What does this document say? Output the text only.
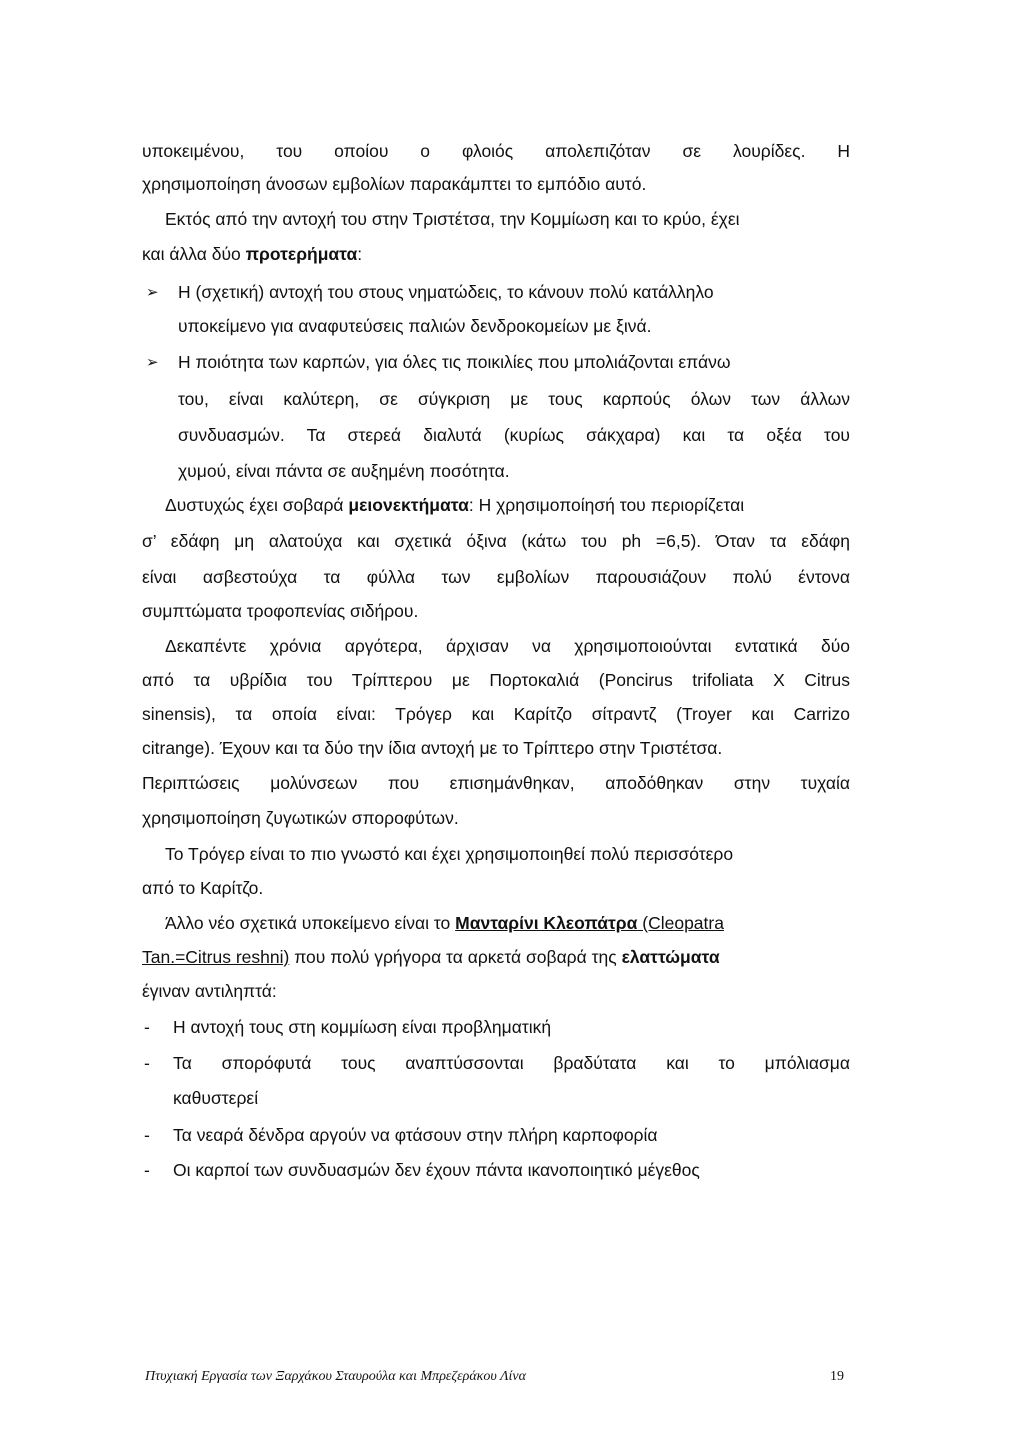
υποκειμένου, του οποίου ο φλοιός απολεπιζόταν σε λουρίδες. Η
χρησιμοποίηση άνοσων εμβολίων παρακάμπτει το εμπόδιο αυτό.
Εκτός από την αντοχή του στην Τριστέτσα, την Κομμίωση και το κρύο, έχει
και άλλα δύο προτερήματα:
➢ Η (σχετική) αντοχή του στους νηματώδεις, το κάνουν πολύ κατάλληλο
υποκείμενο για αναφυτεύσεις παλιών δενδροκομείων με ξινά.
➢ Η ποιότητα των καρπών, για όλες τις ποικιλίες που μπολιάζονται επάνω
του, είναι καλύτερη, σε σύγκριση με τους καρπούς όλων των άλλων
συνδυασμών. Τα στερεά διαλυτά (κυρίως σάκχαρα) και τα οξέα του
χυμού, είναι πάντα σε αυξημένη ποσότητα.
Δυστυχώς έχει σοβαρά μειονεκτήματα: Η χρησιμοποίησή του περιορίζεται
σ’ εδάφη μη αλατούχα και σχετικά όξινα (κάτω του ph =6,5). Όταν τα εδάφη
είναι ασβεστούχα τα φύλλα των εμβολίων παρουσιάζουν πολύ έντονα
συμπτώματα τροφοπενίας σιδήρου.
Δεκαπέντε χρόνια αργότερα, άρχισαν να χρησιμοποιούνται εντατικά δύο
από τα υβρίδια του Τρίπτερου με Πορτοκαλιά (Poncirus trifoliata X Citrus
sinensis), τα οποία είναι: Τρόγερ και Καρίτζο σίτραντζ (Troyer και Carrizo
citrange). Έχουν και τα δύο την ίδια αντοχή με το Τρίπτερο στην Τριστέτσα.
Περιπτώσεις μολύνσεων που επισημάνθηκαν, αποδόθηκαν στην τυχαία
χρησιμοποίηση ζυγωτικών σποροφύτων.
Το Τρόγερ είναι το πιο γνωστό και έχει χρησιμοποιηθεί πολύ περισσότερο
από το Καρίτζο.
Άλλο νέο σχετικά υποκείμενο είναι το Μανταρίνι Κλεοπάτρα (Cleopatra
Tan.=Citrus reshni) που πολύ γρήγορα τα αρκετά σοβαρά της ελαττώματα
έγιναν αντιληπτά:
- Η αντοχή τους στη κομμίωση είναι προβληματική
- Τα σπορόφυτά τους αναπτύσσονται βραδύτατα και το μπόλιασμα
καθυστερεί
- Τα νεαρά δένδρα αργούν να φτάσουν στην πλήρη καρποφορία
- Οι καρποί των συνδυασμών δεν έχουν πάντα ικανοποιητικό μέγεθος
Πτυχιακή Εργασία των Ξαρχάκου Σταυρούλα και Μπρεζεράκου Λίνα	19
